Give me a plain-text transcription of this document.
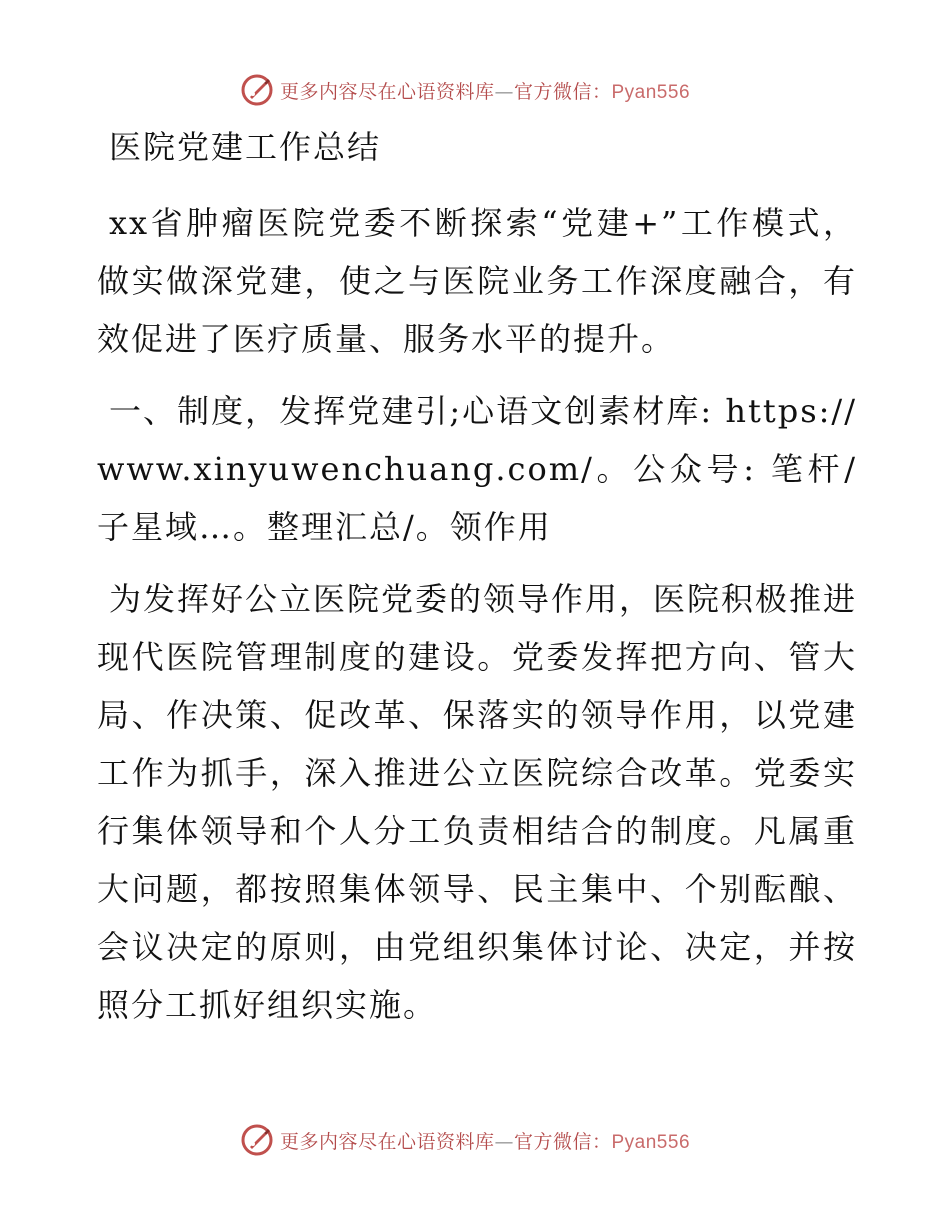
更多内容尽在心语资料库—官方微信：Pyan556
医院党建工作总结

xx省肿瘤医院党委不断探索“党建+”工作模式，做实做深党建，使之与医院业务工作深度融合，有效促进了医疗质量、服务水平的提升。

一、制度，发挥党建引;心语文创素材库: https://www.xinyuwenchuang.com/。公众号: 笔杆/子星域…。整理汇总/。领作用

为发挥好公立医院党委的领导作用，医院积极推进现代医院管理制度的建设。党委发挥把方向、管大局、作决策、促改革、保落实的领导作用，以党建工作为抓手，深入推进公立医院综合改革。党委实行集体领导和个人分工负责相结合的制度。凡属重大问题，都按照集体领导、民主集中、个别酝酿、会议决定的原则，由党组织集体讨论、决定，并按照分工抓好组织实施。

更多内容尽在心语资料库—官方微信：Pyan556
